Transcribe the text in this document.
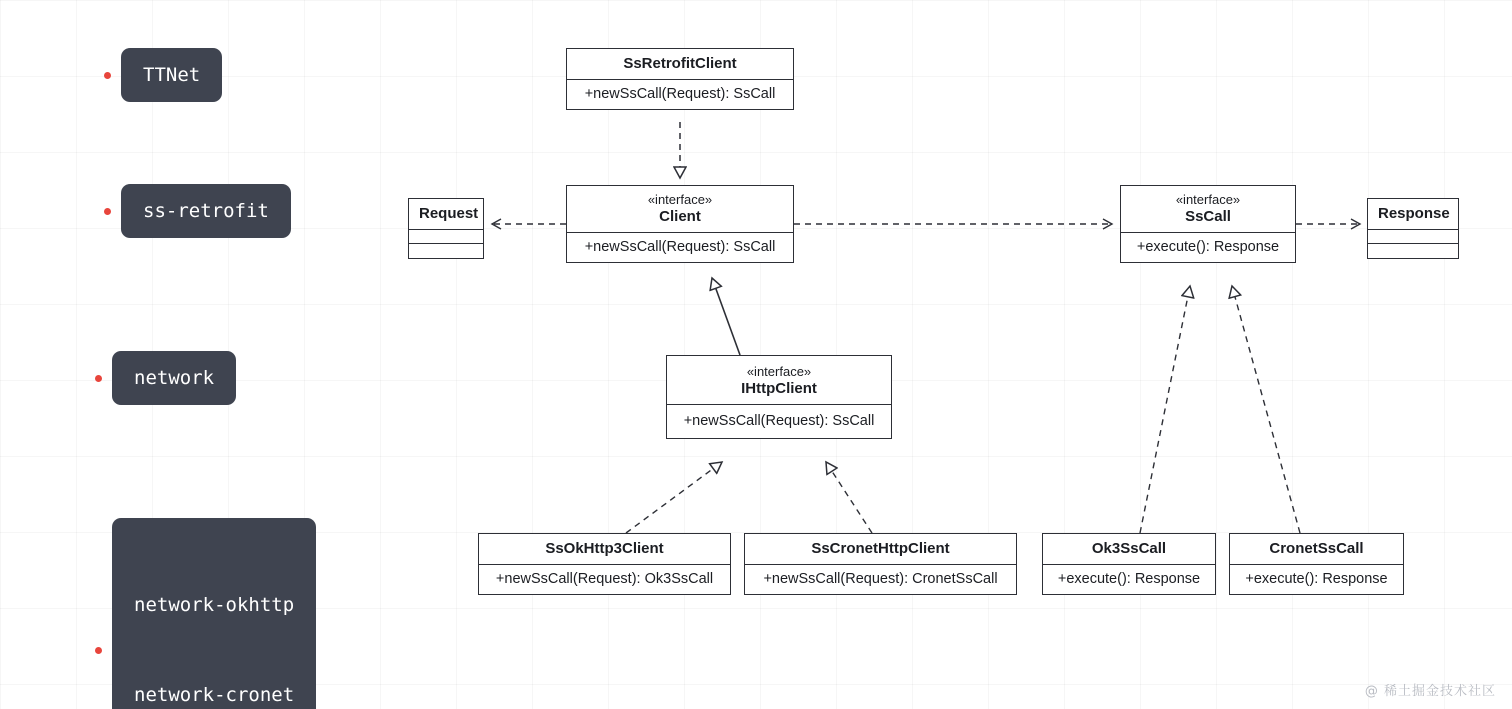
TTNet
ss-retrofit
network

network-okhttp

network-cronet

SsRetrofitClient
+newSsCall(Request): SsCall
Request
«interface»
Client
+newSsCall(Request): SsCall
«interface»
SsCall
+execute(): Response
Response
«interface»
IHttpClient
+newSsCall(Request): SsCall
SsOkHttp3Client
+newSsCall(Request): Ok3SsCall
SsCronetHttpClient
+newSsCall(Request): CronetSsCall
Ok3SsCall
+execute(): Response
CronetSsCall
+execute(): Response
@ 稀土掘金技术社区
